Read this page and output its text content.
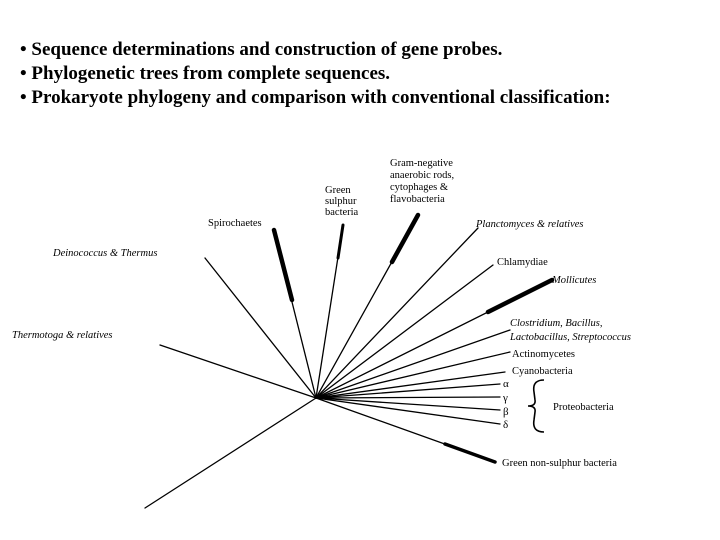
• Sequence determinations and construction of gene probes.
• Phylogenetic trees from complete sequences.
• Prokaryote phylogeny and comparison with conventional classification:
Gram-negative anaerobic rods, cytophages & flavobacteria
Green sulphur bacteria
Spirochaetes
Deinococcus & Thermus
Planctomyces & relatives
Chlamydiae
Mollicutes
Thermotoga & relatives
Clostridium, Bacillus, Lactobacillus, Streptococcus
Actinomycetes
Cyanobacteria
α
γ
β
δ
Proteobacteria
Green non-sulphur bacteria
